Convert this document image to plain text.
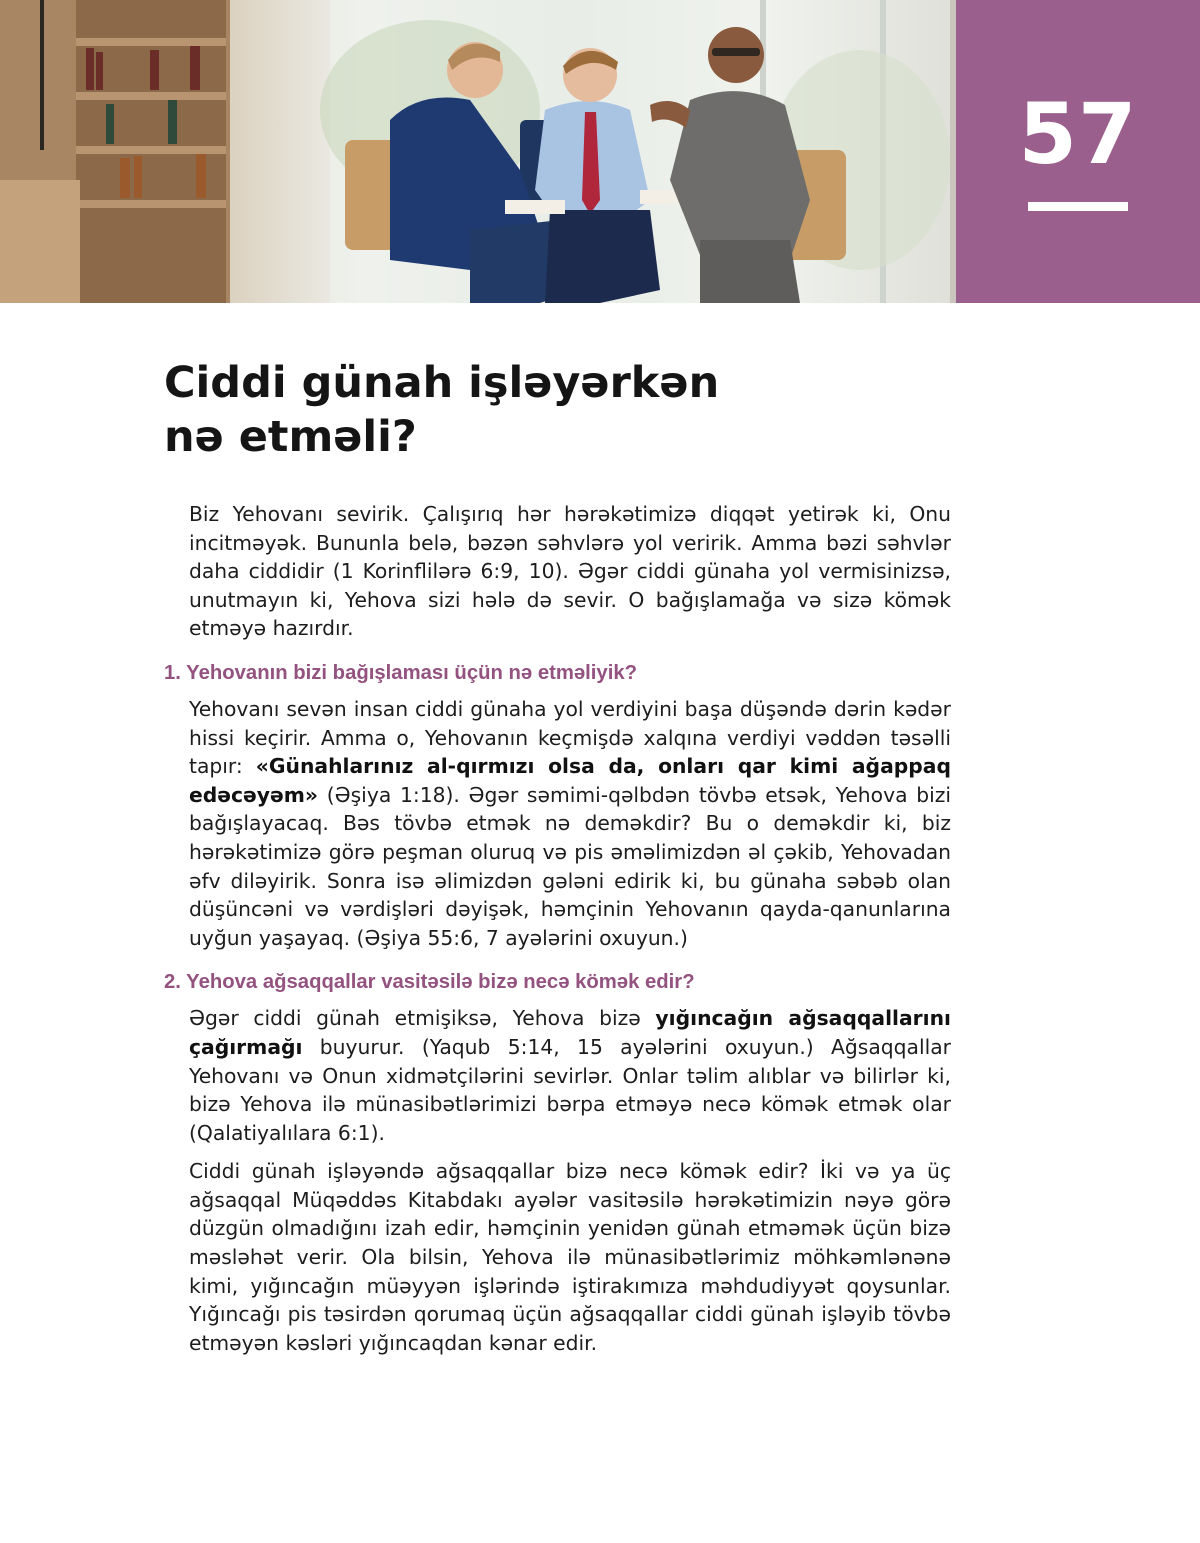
57
Ciddi günah işləyərkən
nə etməli?

Biz Yehovanı sevirik. Çalışırıq hər hərəkətimizə diqqət yetirək ki, Onu incitməyək. Bununla belə, bəzən səhvlərə yol veririk. Amma bəzi səhvlər daha ciddidir (1 Korinflilərə 6:9, 10). Əgər ciddi günaha yol vermisinizsə, unutmayın ki, Yehova sizi hələ də sevir. O bağışlamağa və sizə kömək etməyə hazırdır.

1. Yehovanın bizi bağışlaması üçün nə etməliyik?

Yehovanı sevən insan ciddi günaha yol verdiyini başa düşəndə dərin kədər hissi keçirir. Amma o, Yehovanın keçmişdə xalqına verdiyi vəddən təsəlli tapır: «Günahlarınız al-qırmızı olsa da, onları qar kimi ağappaq edəcəyəm» (Əşiya 1:18). Əgər səmimi-qəlbdən tövbə etsək, Yehova bizi bağışlayacaq. Bəs tövbə etmək nə deməkdir? Bu o deməkdir ki, biz hərəkətimizə görə peşman oluruq və pis əməlimizdən əl çəkib, Yehovadan əfv diləyirik. Sonra isə əlimizdən gələni edirik ki, bu günaha səbəb olan düşüncəni və vərdişləri dəyişək, həmçinin Yehovanın qayda-qanunlarına uyğun yaşayaq. (Əşiya 55:6, 7 ayələrini oxuyun.)

2. Yehova ağsaqqallar vasitəsilə bizə necə kömək edir?

Əgər ciddi günah etmişiksə, Yehova bizə yığıncağın ağsaqqallarını çağırmağı buyurur. (Yaqub 5:14, 15 ayələrini oxuyun.) Ağsaqqallar Yehovanı və Onun xidmətçilərini sevirlər. Onlar təlim alıblar və bilirlər ki, bizə Yehova ilə münasibətlərimizi bərpa etməyə necə kömək etmək olar (Qalatiyalılara 6:1).

Ciddi günah işləyəndə ağsaqqallar bizə necə kömək edir? İki və ya üç ağsaqqal Müqəddəs Kitabdakı ayələr vasitəsilə hərəkətimizin nəyə görə düzgün olmadığını izah edir, həmçinin yenidən günah etməmək üçün bizə məsləhət verir. Ola bilsin, Yehova ilə münasibətlərimiz möhkəmlənənə kimi, yığıncağın müəyyən işlərində iştirakımıza məhdudiyyət qoysunlar. Yığıncağı pis təsirdən qorumaq üçün ağsaqqallar ciddi günah işləyib tövbə etməyən kəsləri yığıncaqdan kənar edir.
